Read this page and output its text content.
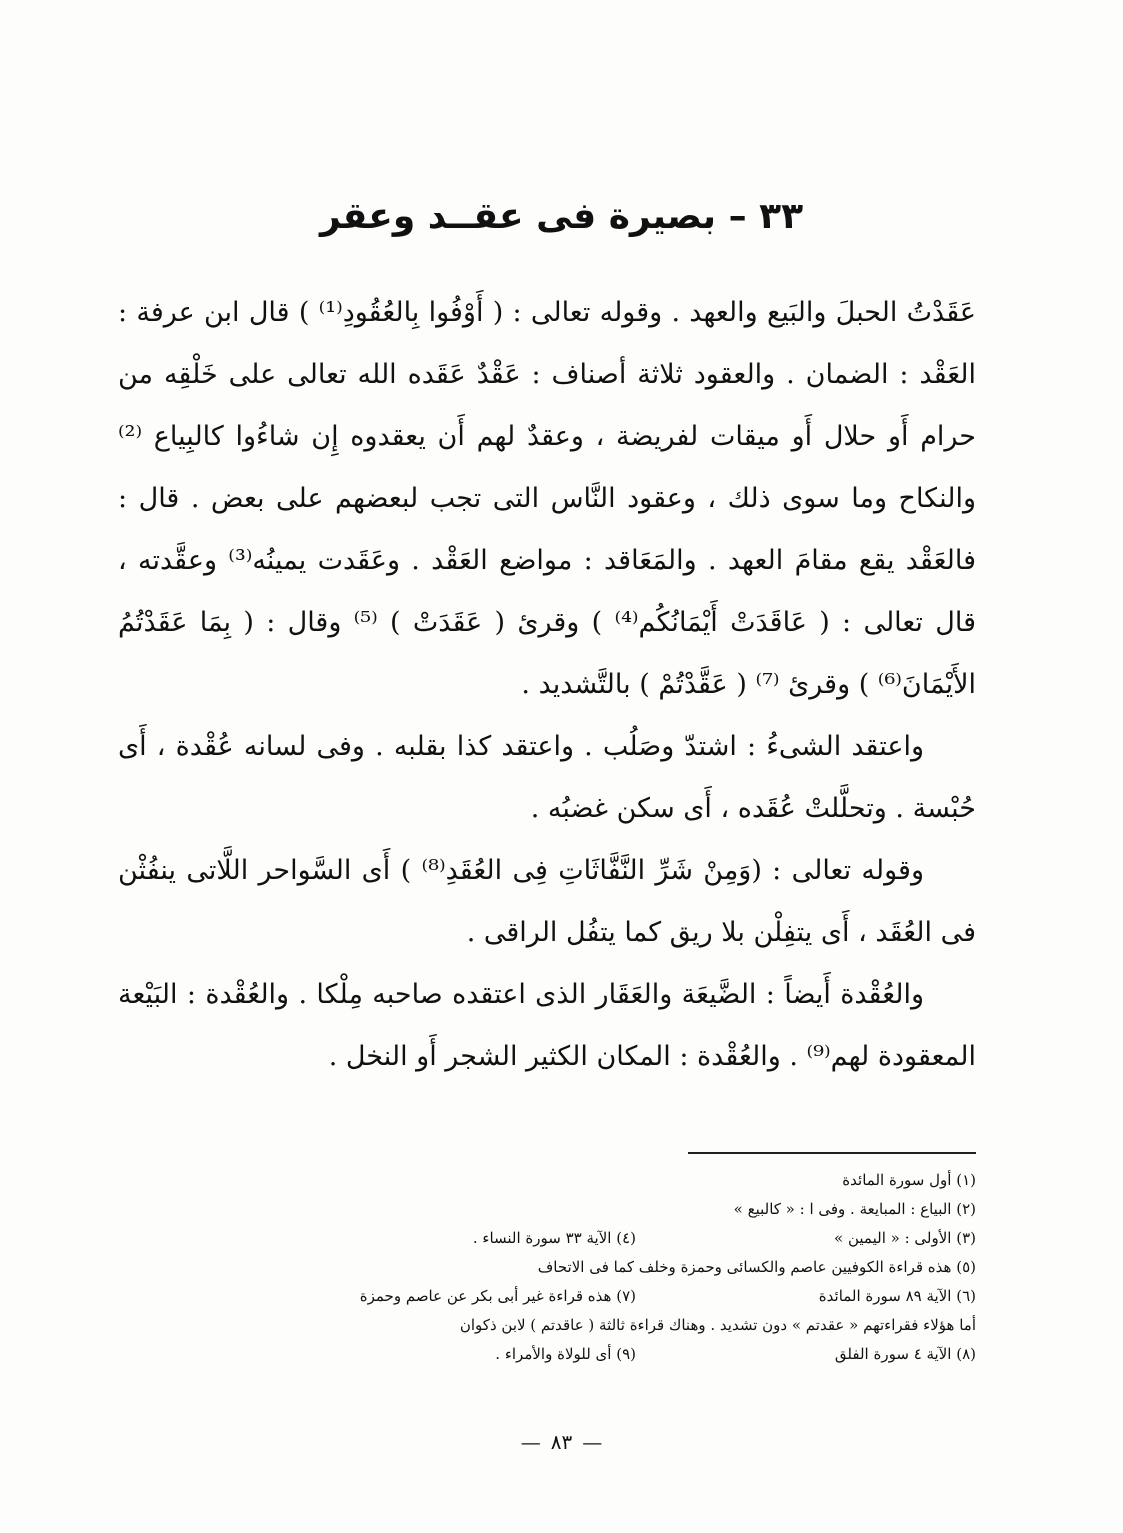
٣٣ – بصيرة فى عقــد وعقر

عَقَدْتُ الحبلَ والبَيع والعهد . وقوله تعالى : ( أَوْفُوا بِالعُقُودِ⁽¹⁾ ) قال ابن عرفة : العَقْد : الضمان . والعقود ثلاثة أصناف : عَقْدٌ عَقَده الله تعالى على خَلْقِه من حرام أَو حلال أَو ميقات لفريضة ، وعقدٌ لهم أَن يعقدوه إِن شاءُوا كالبِياع ⁽²⁾ والنكاح وما سوى ذلك ، وعقود النَّاس التى تجب لبعضهم على بعض . قال : فالعَقْد يقع مقامَ العهد . والمَعَاقد : مواضع العَقْد . وعَقَدت يمينُه⁽³⁾ وعقَّدته ، قال تعالى : ( عَاقَدَتْ أَيْمَانُكُم⁽⁴⁾ ) وقرئ ( عَقَدَتْ ) ⁽⁵⁾ وقال : ( بِمَا عَقَدْتُمُ الأَيْمَانَ⁽⁶⁾ ) وقرئ ⁽⁷⁾ ( عَقَّدْتُمْ ) بالتَّشديد .

واعتقد الشىءُ : اشتدّ وصَلُب . واعتقد كذا بقلبه . وفى لسانه عُقْدة ، أَى حُبْسة . وتحلَّلتْ عُقَده ، أَى سكن غضبُه .

وقوله تعالى : (وَمِنْ شَرِّ النَّفَّاثَاتِ فِى العُقَدِ⁽⁸⁾ ) أَى السَّواحر اللَّاتى ينفُثْن فى العُقَد ، أَى يتفِلْن بلا ريق كما يتفُل الراقى .

والعُقْدة أَيضاً : الضَّيعَة والعَقَار الذى اعتقده صاحبه مِلْكا . والعُقْدة : البَيْعة المعقودة لهم⁽⁹⁾ . والعُقْدة : المكان الكثير الشجر أَو النخل .

(١) أول سورة المائدة
(٢) البياع : المبايعة . وفى ا : « كالبيع »
(٣) الأولى : « اليمين »
(٤) الآية ٣٣ سورة النساء .
(٥) هذه قراءة الكوفيين عاصم والكسائى وحمزة وخلف كما فى الاتحاف
(٦) الآية ٨٩ سورة المائدة
(٧) هذه قراءة غير أبى بكر عن عاصم وحمزة
أما هؤلاء فقراءتهم « عقدتم » دون تشديد . وهناك قراءة ثالثة ( عاقدتم ) لابن ذكوان
(٨) الآية ٤ سورة الفلق
(٩) أى للولاة والأمراء .
—٨٣—
